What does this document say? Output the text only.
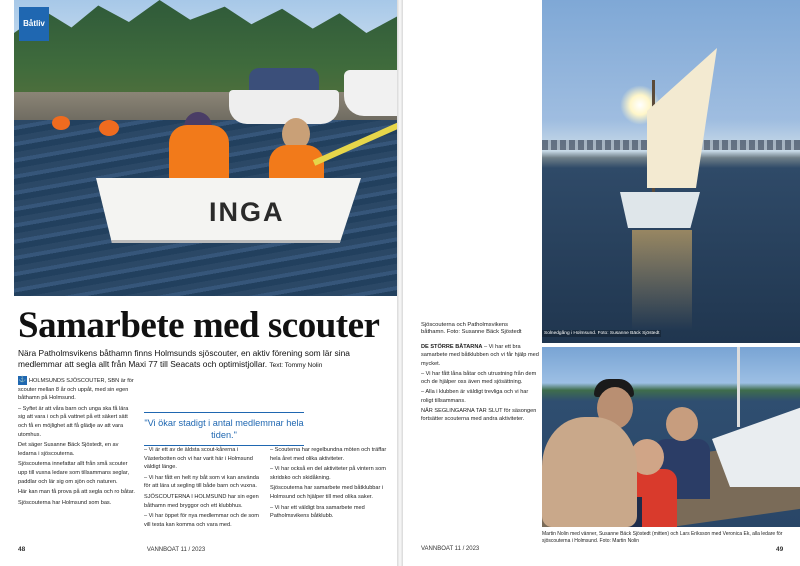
INGA
Båtliv
Samarbete med scouter

Nära Patholmsvikens båthamn finns Holmsunds sjöscouter, en aktiv förening som lär sina medlemmar att segla allt från Maxi 77 till Seacats och optimistjollar. Text: Tommy Nolin

⚓ HOLMSUNDS SJÖSCOUTER, SBN är för scouter mellan 8 år och uppåt, med sin egen båthamn på Holmsund.

– Syftet är att våra barn och unga ska få lära sig att vara i och på vattnet på ett säkert sätt och få en möjlighet att få glädje av att vara utomhus.

Det säger Susanne Bäck Sjöstedt, en av ledarna i sjöscouterna.

Sjöscouterna innefattar allt från små scouter upp till vuxna ledare som tillsammans seglar, paddlar och lär sig om sjön och naturen.

Här kan man få prova på att segla och ro båtar.

Sjöscouterna har Holmsund som bas.

"Vi ökar stadigt i antal medlemmar hela tiden."

– Vi är ett av de äldsta scout-kårerna i Västerbotten och vi har varit här i Holmsund väldigt länge.

– Vi har fått en helt ny båt som vi kan använda för att lära ut segling till både barn och vuxna.

SJÖSCOUTERNA I HOLMSUND har sin egen båthamn med bryggor och ett klubbhus.

– Vi har öppet för nya medlemmar och de som vill testa kan komma och vara med.

– Scouterna har regelbundna möten och träffar hela året med olika aktiviteter.

– Vi har också en del aktiviteter på vintern som skridsko och skidåkning.

Sjöscouterna har samarbete med båtklubbar i Holmsund och hjälper till med olika saker.

– Vi har ett väldigt bra samarbete med Patholmsvikens båtklubb.

48	VANNBOAT 11 / 2023
Sjöscouterna och Patholmsvikens båthamn. Foto: Susanne Bäck Sjöstedt	Solnedgång i Holmsund. Foto: Susanne Bäck Sjöstedt

DE STÖRRE BÅTARNA – Vi har ett bra samarbete med båtklubben och vi får hjälp med mycket.

– Vi har fått låna båtar och utrustning från dem och de hjälper oss även med sjösättning.

– Alla i klubben är väldigt trevliga och vi har roligt tillsammans.

NÄR SEGLINGARNA TAR SLUT för säsongen fortsätter scouterna med andra aktiviteter.

Martin Nolin med vänner, Susanne Bäck Sjöstedt (mitten) och Lars Eriksson med Veronica Ek, alla ledare för sjöscouterna i Holmsund. Foto: Martin Nolin
VANNBOAT 11 / 2023	49
